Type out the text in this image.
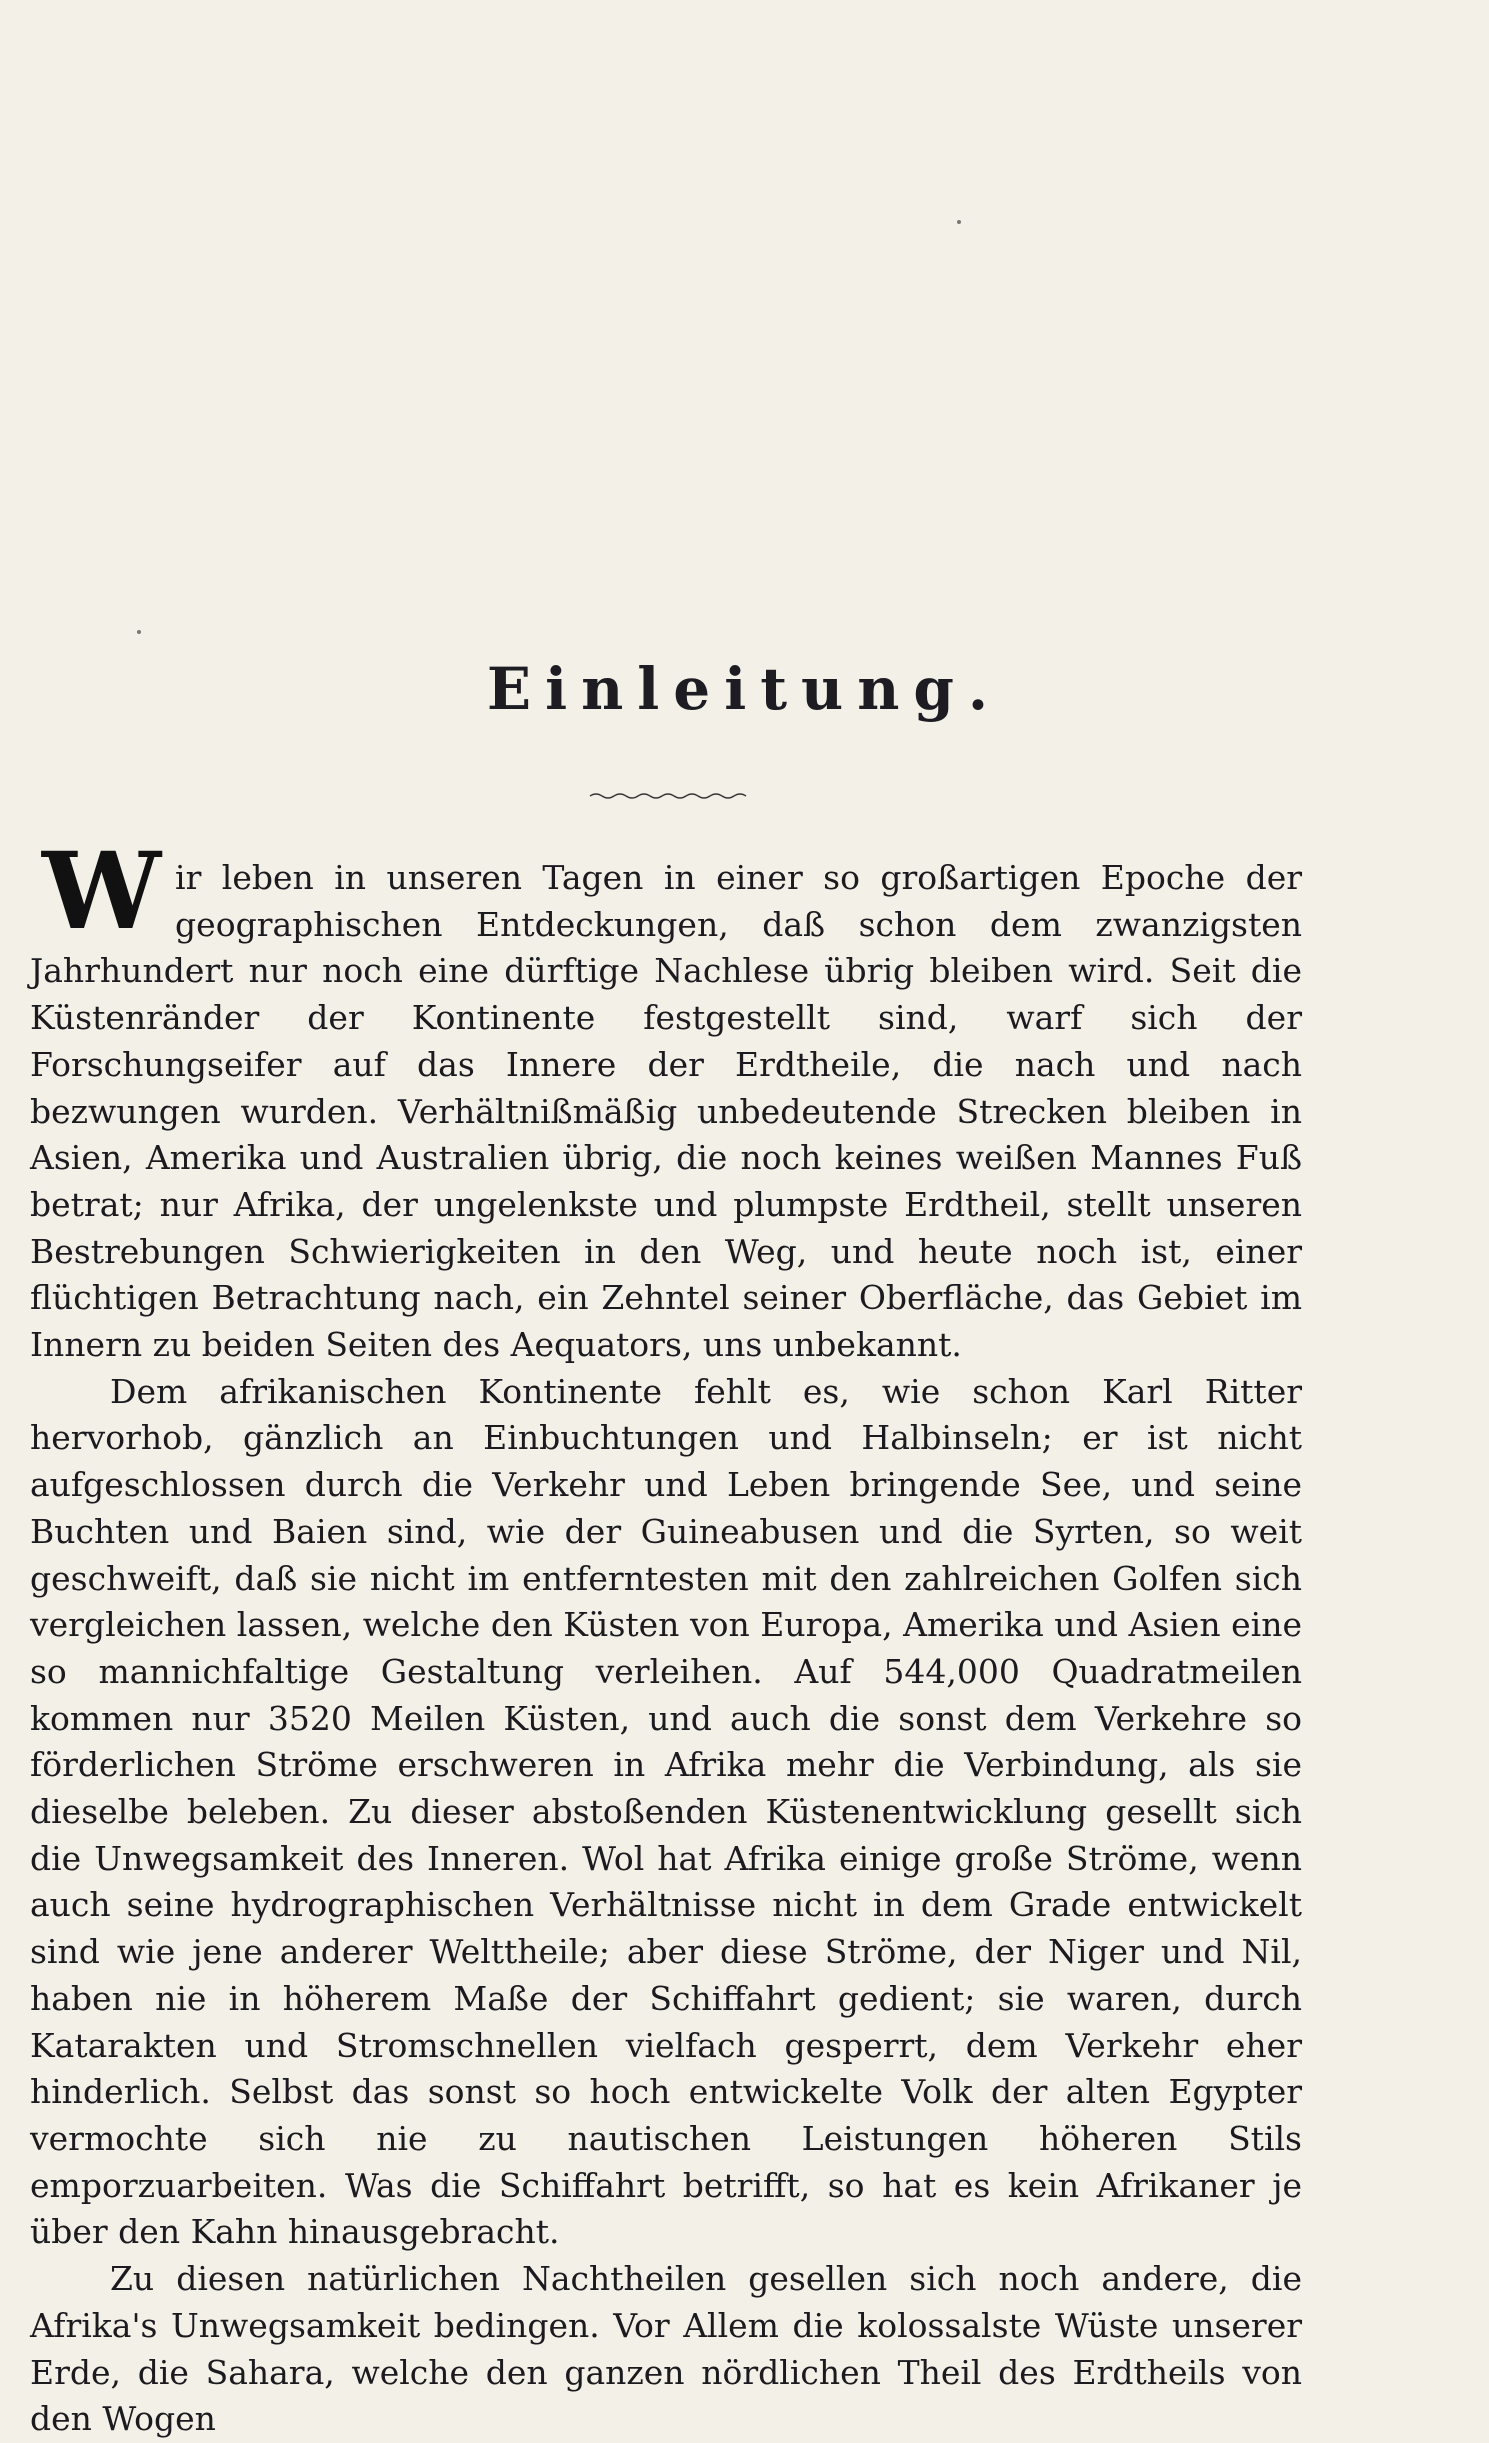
Einleitung.

Wir leben in unseren Tagen in einer so großartigen Epoche der geographischen Entdeckungen, daß schon dem zwanzigsten Jahrhundert nur noch eine dürftige Nachlese übrig bleiben wird. Seit die Küstenränder der Kontinente festgestellt sind, warf sich der Forschungseifer auf das Innere der Erdtheile, die nach und nach bezwungen wurden. Verhältnißmäßig unbedeutende Strecken bleiben in Asien, Amerika und Australien übrig, die noch keines weißen Mannes Fuß betrat; nur Afrika, der ungelenkste und plumpste Erdtheil, stellt unseren Bestrebungen Schwierigkeiten in den Weg, und heute noch ist, einer flüchtigen Betrachtung nach, ein Zehntel seiner Oberfläche, das Gebiet im Innern zu beiden Seiten des Aequators, uns unbekannt.

Dem afrikanischen Kontinente fehlt es, wie schon Karl Ritter hervorhob, gänzlich an Einbuchtungen und Halbinseln; er ist nicht aufgeschlossen durch die Verkehr und Leben bringende See, und seine Buchten und Baien sind, wie der Guineabusen und die Syrten, so weit geschweift, daß sie nicht im entferntesten mit den zahlreichen Golfen sich vergleichen lassen, welche den Küsten von Europa, Amerika und Asien eine so mannichfaltige Gestaltung verleihen. Auf 544,000 Quadratmeilen kommen nur 3520 Meilen Küsten, und auch die sonst dem Verkehre so förderlichen Ströme erschweren in Afrika mehr die Verbindung, als sie dieselbe beleben. Zu dieser abstoßenden Küstenentwicklung gesellt sich die Unwegsamkeit des Inneren. Wol hat Afrika einige große Ströme, wenn auch seine hydrographischen Verhältnisse nicht in dem Grade entwickelt sind wie jene anderer Welttheile; aber diese Ströme, der Niger und Nil, haben nie in höherem Maße der Schiffahrt gedient; sie waren, durch Katarakten und Stromschnellen vielfach gesperrt, dem Verkehr eher hinderlich. Selbst das sonst so hoch entwickelte Volk der alten Egypter vermochte sich nie zu nautischen Leistungen höheren Stils emporzuarbeiten. Was die Schiffahrt betrifft, so hat es kein Afrikaner je über den Kahn hinausgebracht.

Zu diesen natürlichen Nachtheilen gesellen sich noch andere, die Afrika's Unwegsamkeit bedingen. Vor Allem die kolossalste Wüste unserer Erde, die Sahara, welche den ganzen nördlichen Theil des Erdtheils von den Wogen
